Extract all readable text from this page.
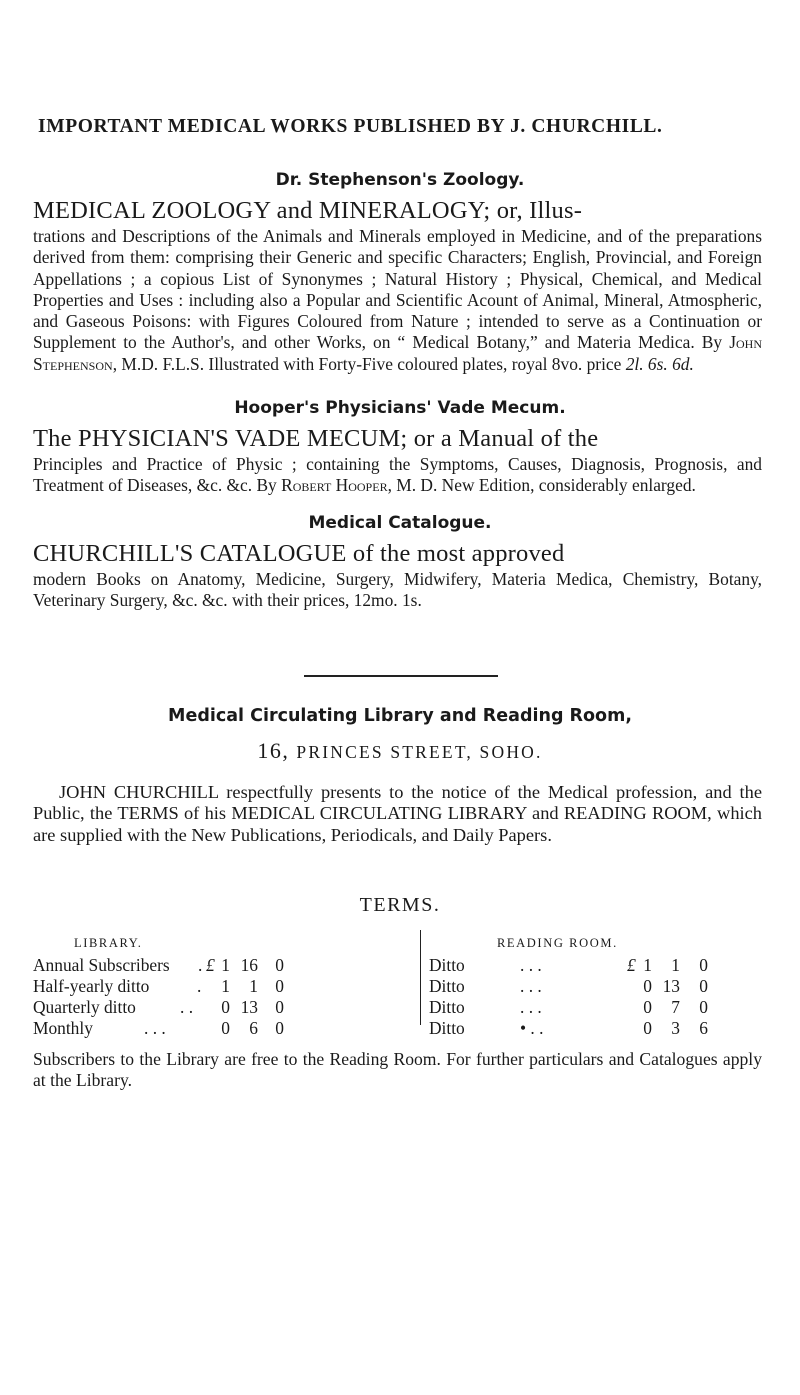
IMPORTANT MEDICAL WORKS PUBLISHED BY J. CHURCHILL.
Dr. Stephenson's Zoology.
MEDICAL ZOOLOGY and MINERALOGY; or, Illus-
trations and Descriptions of the Animals and Minerals employed in Medicine, and of the preparations derived from them: comprising their Generic and specific Characters; English, Provincial, and Foreign Appellations ; a copious List of Synonymes ; Natural History ; Physical, Chemical, and Medical Properties and Uses : including also a Popular and Scientific Acount of Animal, Mineral, Atmospheric, and Gaseous Poisons: with Figures Coloured from Nature ; intended to serve as a Continuation or Supplement to the Author's, and other Works, on “ Medical Botany,” and Materia Medica. By John Stephenson, M.D. F.L.S. Illustrated with Forty-Five coloured plates, royal 8vo. price 2l. 6s. 6d.
Hooper's Physicians' Vade Mecum.
The PHYSICIAN'S VADE MECUM; or a Manual of the
Principles and Practice of Physic ; containing the Symptoms, Causes, Diagnosis, Prognosis, and Treatment of Diseases, &c. &c. By Robert Hooper, M. D. New Edition, considerably enlarged.
Medical Catalogue.
CHURCHILL'S CATALOGUE of the most approved
modern Books on Anatomy, Medicine, Surgery, Midwifery, Materia Medica, Chemistry, Botany, Veterinary Surgery, &c. &c. with their prices, 12mo. 1s.
Medical Circulating Library and Reading Room,
16, PRINCES STREET, SOHO.
JOHN CHURCHILL respectfully presents to the notice of the Medical profession, and the Public, the TERMS of his MEDICAL CIRCULATING LIBRARY and READING ROOM, which are supplied with the New Publications, Periodicals, and Daily Papers.
TERMS.
LIBRARY.	READING ROOM.
Annual Subscribers . £ 1 16 0	Ditto	. . .	£ 1	1	0
Half-yearly ditto	.	1	1 0	Ditto	. . .	0 13	0
Quarterly ditto	. .	0 13 0	Ditto	. . .	0	7	0
Monthly	. . .	0	6 0	Ditto	• . .	0	3	6
Subscribers to the Library are free to the Reading Room. For further particulars and Catalogues apply at the Library.
